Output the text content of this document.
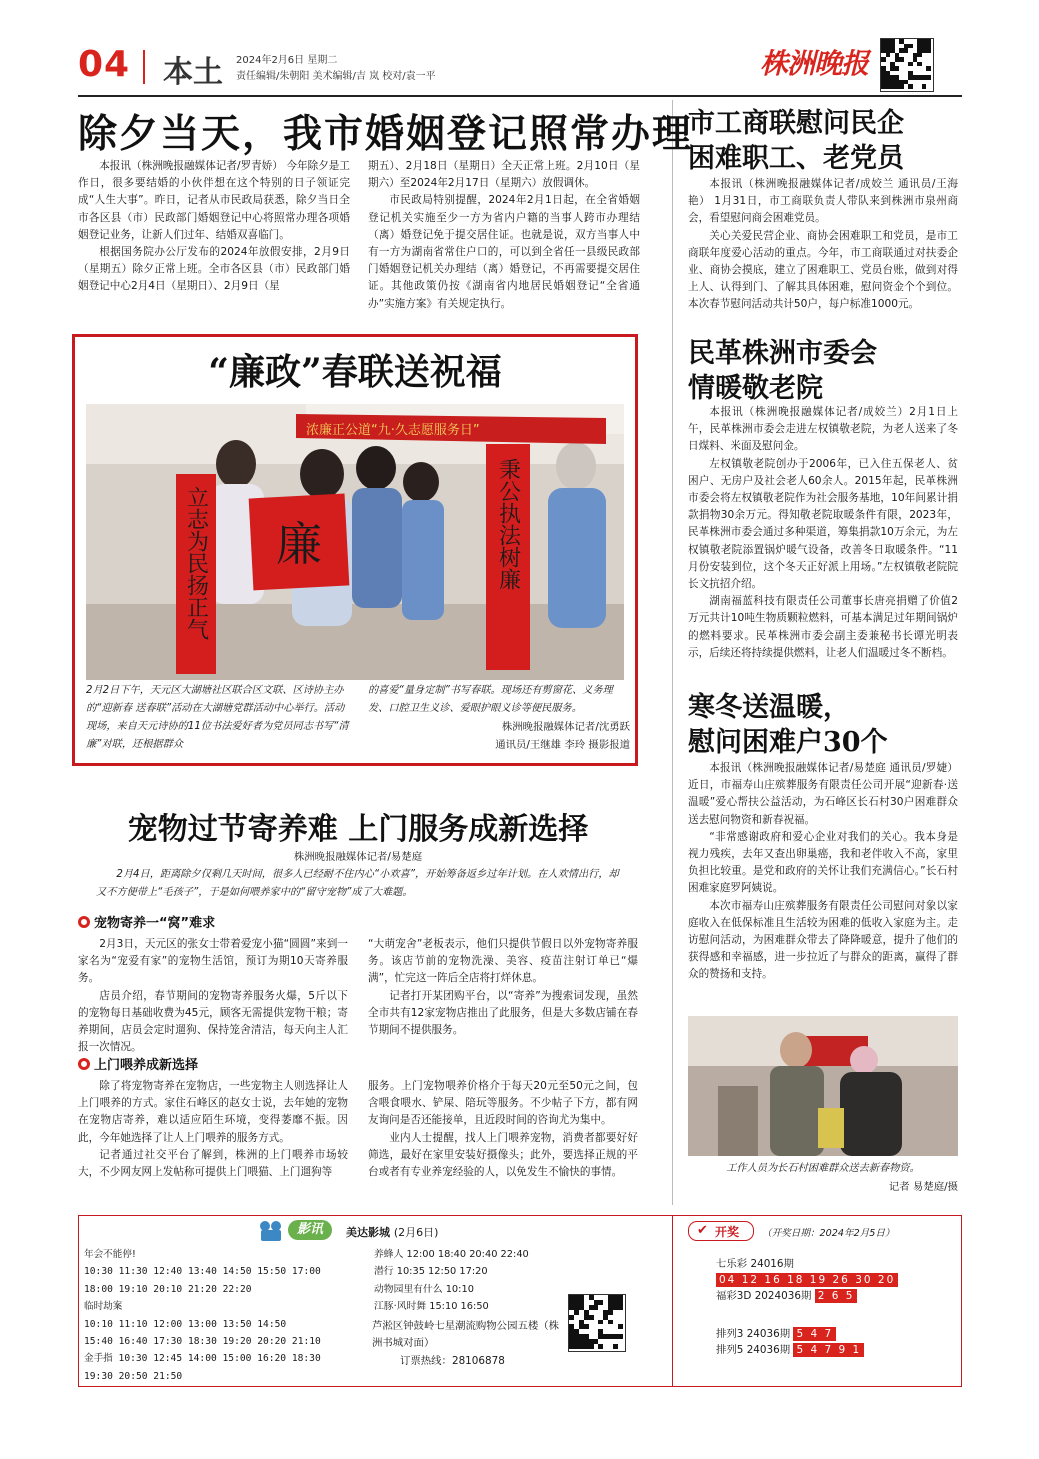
04 本土 2024年2月6日 星期二
责任编辑/朱朝阳 美术编辑/吉 岚 校对/袁一平	株洲晚报
除夕当天，我市婚姻登记照常办理

本报讯（株洲晚报融媒体记者/罗青娇） 今年除夕是工作日，很多要结婚的小伙伴想在这个特别的日子领证完成“人生大事”。昨日，记者从市民政局获悉，除夕当日全市各区县（市）民政部门婚姻登记中心将照常办理各项婚姻登记业务，让新人们过年、结婚双喜临门。

根据国务院办公厅发布的2024年放假安排，2月9日（星期五）除夕正常上班。全市各区县（市）民政部门婚姻登记中心2月4日（星期日）、2月9日（星

期五）、2月18日（星期日）全天正常上班。2月10日（星期六）至2024年2月17日（星期六）放假调休。

市民政局特别提醒，2024年2月1日起，在全省婚姻登记机关实施至少一方为省内户籍的当事人跨市办理结（离）婚登记免于提交居住证。也就是说，双方当事人中有一方为湖南省常住户口的，可以到全省任一县级民政部门婚姻登记机关办理结（离）婚登记，不再需要提交居住证。其他政策仍按《湖南省内地居民婚姻登记“全省通办”实施方案》有关规定执行。

“廉政”春联送祝福
浓廉正公道“九·久志愿服务日”
立志为民扬正气 廉	秉公执法树廉
2月2日下午，天元区大湖塘社区联合区文联、区诗协主办的“迎新春 送春联”活动在大湖塘党群活动中心举行。活动现场，来自天元诗协的11位书法爱好者为党员同志书写“清廉”对联，还根据群众
的喜爱“量身定制”书写春联。现场还有剪窗花、义务理发、口腔卫生义诊、爱眼护眼义诊等便民服务。
株洲晚报融媒体记者/沈勇跃
通讯员/王继雄 李玲 摄影报道
宠物过节寄养难 上门服务成新选择
株洲晚报融媒体记者/易楚庭
2月4日，距离除夕仅剩几天时间，很多人已经耐不住内心“小欢喜”，开始筹备返乡过年计划。在人欢情出行，却又不方便带上“毛孩子”，于是如何喂养家中的“留守宠物”成了大难题。
宠物寄养一“窝”难求

2月3日，天元区的张女士带着爱宠小猫“圆圆”来到一家名为“宠爱有家”的宠物生活馆，预订为期10天寄养服务。

店员介绍，春节期间的宠物寄养服务火爆，5斤以下的宠物每日基础收费为45元，顾客无需提供宠物干粮；寄养期间，店员会定时遛狗、保持笼舍清洁，每天向主人汇报一次情况。

“大萌宠舍”老板表示，他们只提供节假日以外宠物寄养服务。该店节前的宠物洗澡、美容、疫苗注射订单已“爆满”，忙完这一阵后全店将打烊休息。

记者打开某团购平台，以“寄养”为搜索词发现，虽然全市共有12家宠物店推出了此服务，但是大多数店铺在春节期间不提供服务。

上门喂养成新选择

除了将宠物寄养在宠物店，一些宠物主人则选择让人上门喂养的方式。家住石峰区的赵女士说，去年她的宠物在宠物店寄养，难以适应陌生环境，变得萎靡不振。因此，今年她选择了让人上门喂养的服务方式。

记者通过社交平台了解到，株洲的上门喂养市场较大，不少网友网上发帖称可提供上门喂猫、上门遛狗等

服务。上门宠物喂养价格介于每天20元至50元之间，包含喂食喂水、铲屎、陪玩等服务。不少帖子下方，都有网友询问是否还能接单，且近段时间的咨询尤为集中。

业内人士提醒，找人上门喂养宠物，消费者都要好好筛选，最好在家里安装好摄像头；此外，要选择正规的平台或者有专业养宠经验的人，以免发生不愉快的事情。

市工商联慰问民企
困难职工、老党员

本报讯（株洲晚报融媒体记者/成姣兰 通讯员/王海艳） 1月31日，市工商联负责人带队来到株洲市泉州商会，看望慰问商会困难党员。

关心关爱民营企业、商协会困难职工和党员，是市工商联年度爱心活动的重点。今年，市工商联通过对扶委企业、商协会摸底，建立了困难职工、党员台账，做到对得上人、认得到门、了解其具体困难，慰问资金个个到位。本次春节慰问活动共计50户，每户标准1000元。

民革株洲市委会
情暖敬老院

本报讯（株洲晚报融媒体记者/成姣兰）2月1日上午，民革株洲市委会走进左权镇敬老院，为老人送来了冬日煤料、米面及慰问金。

左权镇敬老院创办于2006年，已入住五保老人、贫困户、无房户及社会老人60余人。2015年起，民革株洲市委会将左权镇敬老院作为社会服务基地，10年间累计捐款捐物30余万元。得知敬老院取暖条件有限，2023年，民革株洲市委会通过多种渠道，筹集捐款10万余元，为左权镇敬老院添置锅炉暖气设备，改善冬日取暖条件。“11月份安装到位，这个冬天正好派上用场。”左权镇敬老院院长文抗招介绍。

湖南福蓝科技有限责任公司董事长唐亮捐赠了价值2万元共计10吨生物质颗粒燃料，可基本满足过年期间锅炉的燃料要求。民革株洲市委会副主委兼秘书长谭光明表示，后续还将持续提供燃料，让老人们温暖过冬不断档。

寒冬送温暖，
慰问困难户30个

本报讯（株洲晚报融媒体记者/易楚庭 通讯员/罗婕） 近日，市福寿山庄殡葬服务有限责任公司开展“迎新春·送温暖”爱心帮扶公益活动，为石峰区长石村30户困难群众送去慰问物资和新春祝福。

“非常感谢政府和爱心企业对我们的关心。我本身是视力残疾，去年又查出卵巢癌，我和老伴收入不高，家里负担比较重。是党和政府的关怀让我们充满信心。”长石村困难家庭罗阿姨说。

本次市福寿山庄殡葬服务有限责任公司慰问对象以家庭收入在低保标准且生活较为困难的低收入家庭为主。走访慰问活动，为困难群众带去了降降暖意，提升了他们的获得感和幸福感，进一步拉近了与群众的距离，赢得了群众的赞扬和支持。

工作人员为长石村困难群众送去新春物资。
记者 易楚庭/摄
影讯	美达影城 (2月6日)
年会不能停!
10:30 11:30 12:40 13:40 14:50 15:50 17:00
18:00 19:10 20:10 21:20 22:20
临时劫案
10:10 11:10 12:00 13:00 13:50 14:50
15:40 16:40 17:30 18:30 19:20 20:20 21:10
金手指 10:30 12:45 14:00 15:00 16:20 18:30
19:30 20:50 21:50
养蜂人 12:00 18:40 20:40 22:40
潜行 10:35 12:50 17:20
动物园里有什么 10:10
江豚·风时舞 15:10 16:50
芦淞区钟鼓岭七星潮流购物公园五楼（株洲书城对面）
订票热线：28106878
✔ 开奖 （开奖日期：2024年2月5日）
七乐彩 24016期
04 12 16 18 19 26 30 20
福彩3D 2024036期 2 6 5
排列3 24036期 5 4 7
排列5 24036期 5 4 7 9 1
